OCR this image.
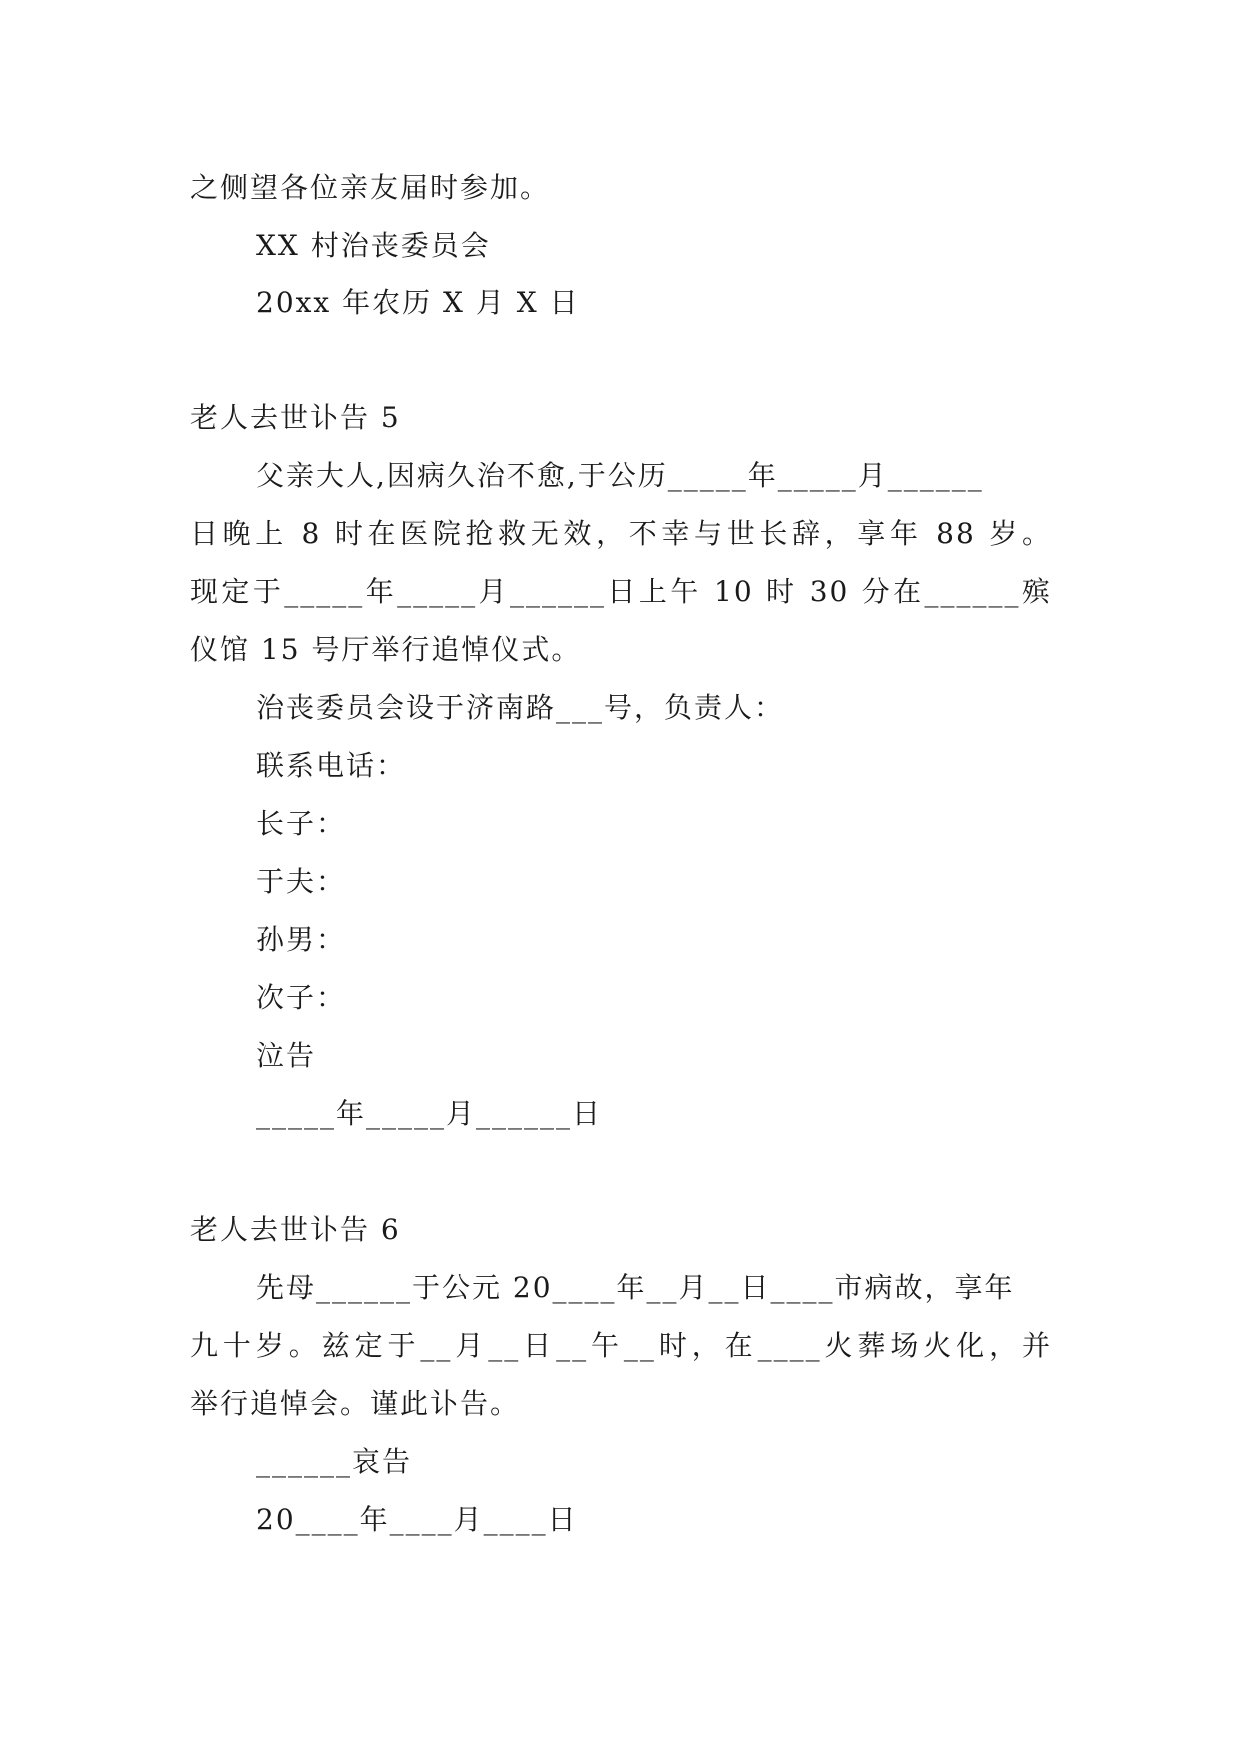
之侧望各位亲友届时参加。
XX 村治丧委员会
20xx 年农历 X 月 X 日
老人去世讣告 5
父亲大人,因病久治不愈,于公历_____年_____月______
日晚上 8 时在医院抢救无效，不幸与世长辞，享年 88 岁。
现定于_____年_____月______日上午 10 时 30 分在______殡
仪馆 15 号厅举行追悼仪式。
治丧委员会设于济南路___号，负责人：
联系电话：
长子：
于夫：
孙男：
次子：
泣告
_____年_____月______日
老人去世讣告 6
先母______于公元 20____年__月__日____市病故，享年
九十岁。兹定于__月__日__午__时，在____火葬场火化，并
举行追悼会。谨此讣告。
______哀告
20____年____月____日
